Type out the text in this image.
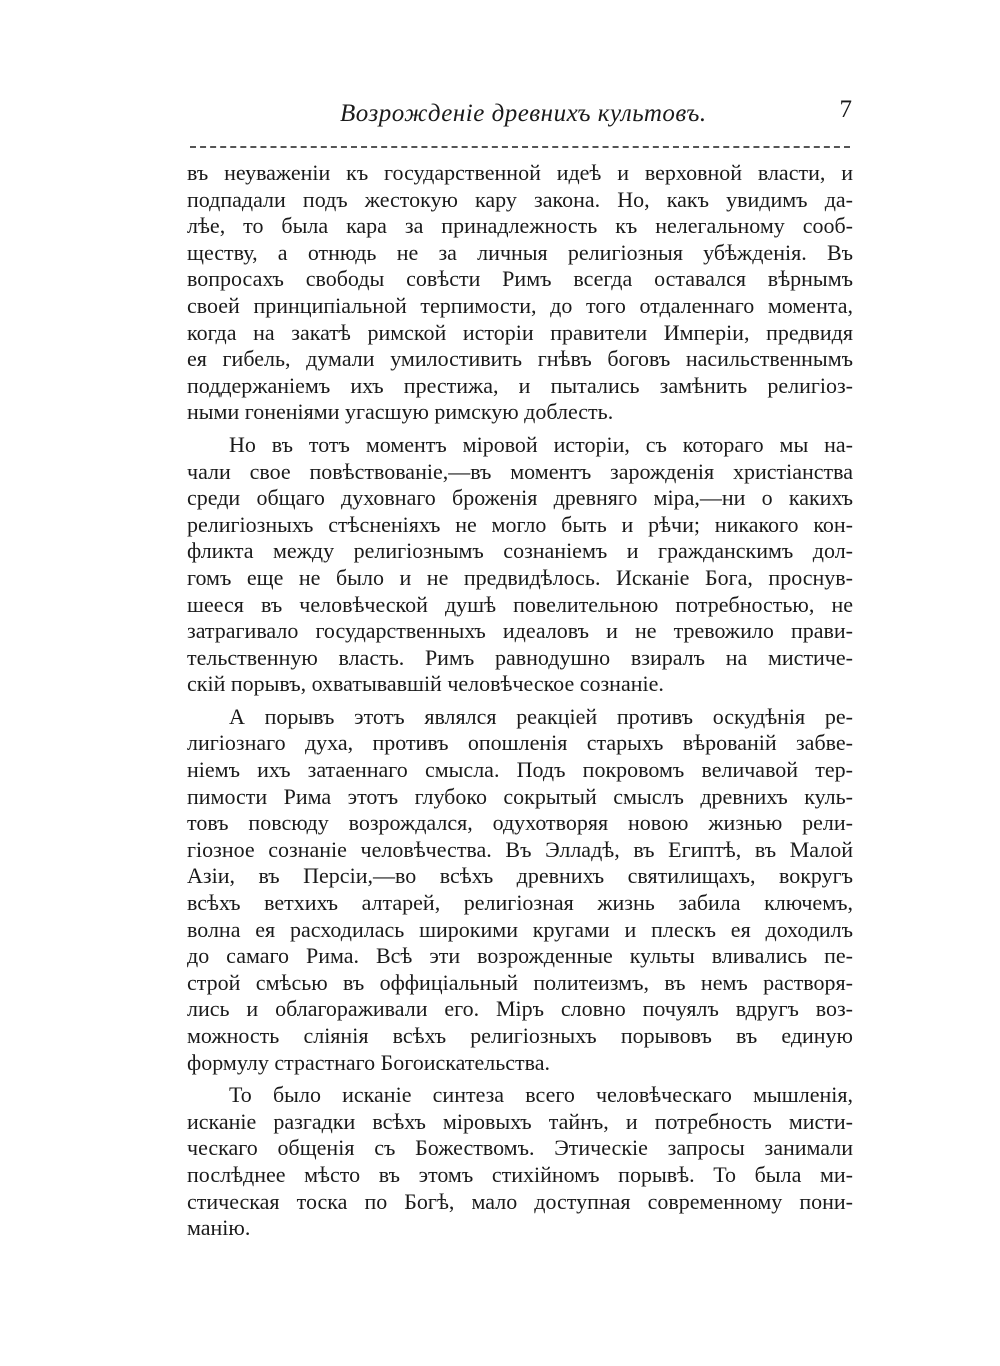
Возрожденіе древнихъ культовъ.	7
въ неуваженіи къ государственной идеѣ и верховной власти, и
подпадали подъ жестокую кару закона. Но, какъ увидимъ да-
лѣе, то была кара за принадлежность къ нелегальному сооб-
ществу, а отнюдь не за личныя религіозныя убѣжденія. Въ
вопросахъ свободы совѣсти Римъ всегда оставался вѣрнымъ
своей принципіальной терпимости, до того отдаленнаго момента,
когда на закатѣ римской исторіи правители Имперіи, предвидя
ея гибель, думали умилостивить гнѣвъ боговъ насильственнымъ
поддержаніемъ ихъ престижа, и пытались замѣнить религіоз-
ными гоненіями угасшую римскую доблесть.
Но въ тотъ моментъ міровой исторіи, съ котораго мы на-
чали свое повѣствованіе,—въ моментъ зарожденія христіанства
среди общаго духовнаго броженія древняго міра,—ни о какихъ
религіозныхъ стѣсненіяхъ не могло быть и рѣчи; никакого кон-
фликта между религіознымъ сознаніемъ и гражданскимъ дол-
гомъ еще не было и не предвидѣлось. Исканіе Бога, проснув-
шееся въ человѣческой душѣ повелительною потребностью, не
затрагивало государственныхъ идеаловъ и не тревожило прави-
тельственную власть. Римъ равнодушно взиралъ на мистиче-
скій порывъ, охватывавшій человѣческое сознаніе.
А порывъ этотъ являлся реакціей противъ оскудѣнія ре-
лигіознаго духа, противъ опошленія старыхъ вѣрованій забве-
ніемъ ихъ затаеннаго смысла. Подъ покровомъ величавой тер-
пимости Рима этотъ глубоко сокрытый смыслъ древнихъ куль-
товъ повсюду возрождался, одухотворяя новою жизнью рели-
гіозное сознаніе человѣчества. Въ Элладѣ, въ Египтѣ, въ Малой
Азіи, въ Персіи,—во всѣхъ древнихъ святилищахъ, вокругъ
всѣхъ ветхихъ алтарей, религіозная жизнь забила ключемъ,
волна ея расходилась широкими кругами и плескъ ея доходилъ
до самаго Рима. Всѣ эти возрожденные культы вливались пе-
строй смѣсью въ оффиціальный политеизмъ, въ немъ растворя-
лись и облагораживали его. Міръ словно почуялъ вдругъ воз-
можность слiянія всѣхъ религіозныхъ порывовъ въ единую
формулу страстнаго Богоискательства.
То было исканіе синтеза всего человѣческаго мышленія,
исканіе разгадки всѣхъ міровыхъ тайнъ, и потребность мисти-
ческаго общенія съ Божествомъ. Этическіе запросы занимали
послѣднее мѣсто въ этомъ стихійномъ порывѣ. То была ми-
стическая тоска по Богѣ, мало доступная современному пони-
манію.
